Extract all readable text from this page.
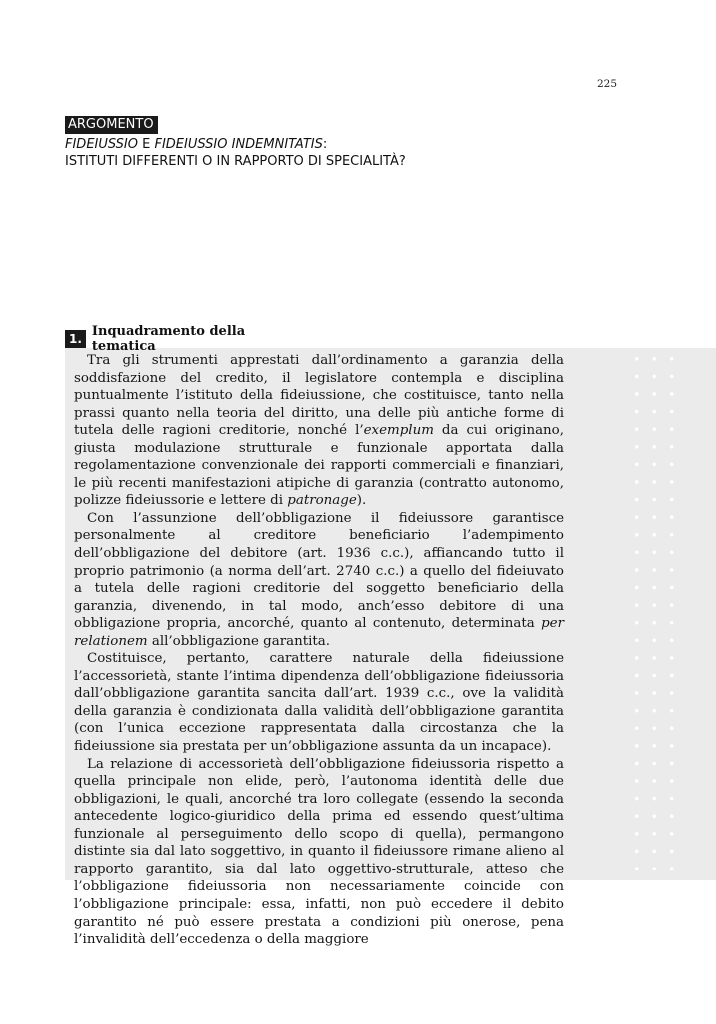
225
ARGOMENTO
FIDEIUSSIO E FIDEIUSSIO INDEMNITATIS:
ISTITUTI DIFFERENTI O IN RAPPORTO DI SPECIALITÀ?
1. Inquadramento della tematica

Tra gli strumenti apprestati dall’ordinamento a garanzia della soddisfazione del credito, il legislatore contempla e disciplina puntualmente l’istituto della fideiussione, che costituisce, tanto nella prassi quanto nella teoria del diritto, una delle più antiche forme di tutela delle ragioni creditorie, nonché l’exemplum da cui originano, giusta modulazione strutturale e funzionale apportata dalla regolamentazione convenzionale dei rapporti commerciali e finanziari, le più recenti manifestazioni atipiche di garanzia (contratto autonomo, polizze fideiussorie e lettere di patronage).

Con l’assunzione dell’obbligazione il fideiussore garantisce personalmente al creditore beneficiario l’adempimento dell’obbligazione del debitore (art. 1936 c.c.), affiancando tutto il proprio patrimonio (a norma dell’art. 2740 c.c.) a quello del fideiuvato a tutela delle ragioni creditorie del soggetto beneficiario della garanzia, divenendo, in tal modo, anch’esso debitore di una obbligazione propria, ancorché, quanto al contenuto, determinata per relationem all’obbligazione garantita.

Costituisce, pertanto, carattere naturale della fideiussione l’accessorietà, stante l’intima dipendenza dell’obbligazione fideiussoria dall’obbligazione garantita sancita dall’art. 1939 c.c., ove la validità della garanzia è condizionata dalla validità dell’obbligazione garantita (con l’unica eccezione rappresentata dalla circostanza che la fideiussione sia prestata per un’obbligazione assunta da un incapace).

La relazione di accessorietà dell’obbligazione fideiussoria rispetto a quella principale non elide, però, l’autonoma identità delle due obbligazioni, le quali, ancorché tra loro collegate (essendo la seconda antecedente logico-giuridico della prima ed essendo quest’ultima funzionale al perseguimento dello scopo di quella), permangono distinte sia dal lato soggettivo, in quanto il fideiussore rimane alieno al rapporto garantito, sia dal lato oggettivo-strutturale, atteso che l’obbligazione fideiussoria non necessariamente coincide con l’obbligazione principale: essa, infatti, non può eccedere il debito garantito né può essere prestata a condizioni più onerose, pena l’invalidità dell’eccedenza o della maggiore
